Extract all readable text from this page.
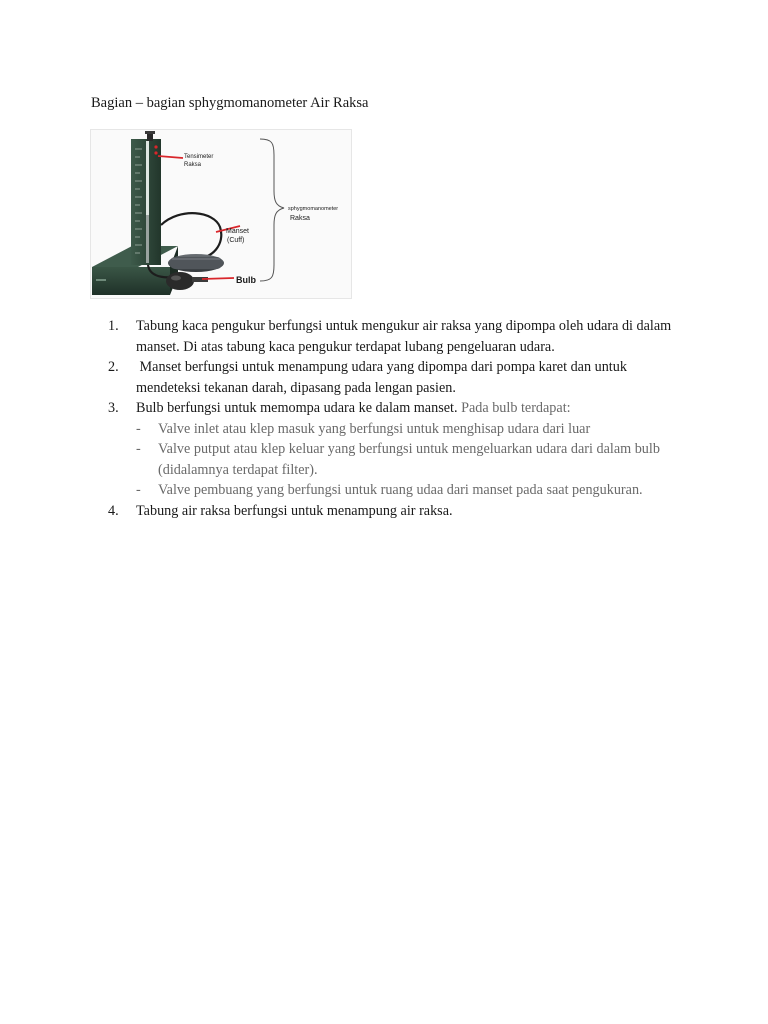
Bagian – bagian sphygmomanometer Air Raksa
Tensimeter
Raksa
sphygmomanometer
Raksa
Manset
(Cuff)
Bulb
1.	Tabung kaca pengukur berfungsi untuk mengukur air raksa yang dipompa oleh udara di dalam manset. Di atas tabung kaca pengukur terdapat lubang pengeluaran udara.
2.	Manset berfungsi untuk menampung udara yang dipompa dari pompa karet dan untuk mendeteksi tekanan darah, dipasang pada lengan pasien.
3.	Bulb berfungsi untuk memompa udara ke dalam manset. Pada bulb terdapat:
- Valve inlet atau klep masuk yang berfungsi untuk menghisap udara dari luar
- Valve putput atau klep keluar yang berfungsi untuk mengeluarkan udara dari dalam bulb (didalamnya terdapat filter).
- Valve pembuang yang berfungsi untuk ruang udaa dari manset pada saat pengukuran.
4.	Tabung air raksa berfungsi untuk menampung air raksa.
